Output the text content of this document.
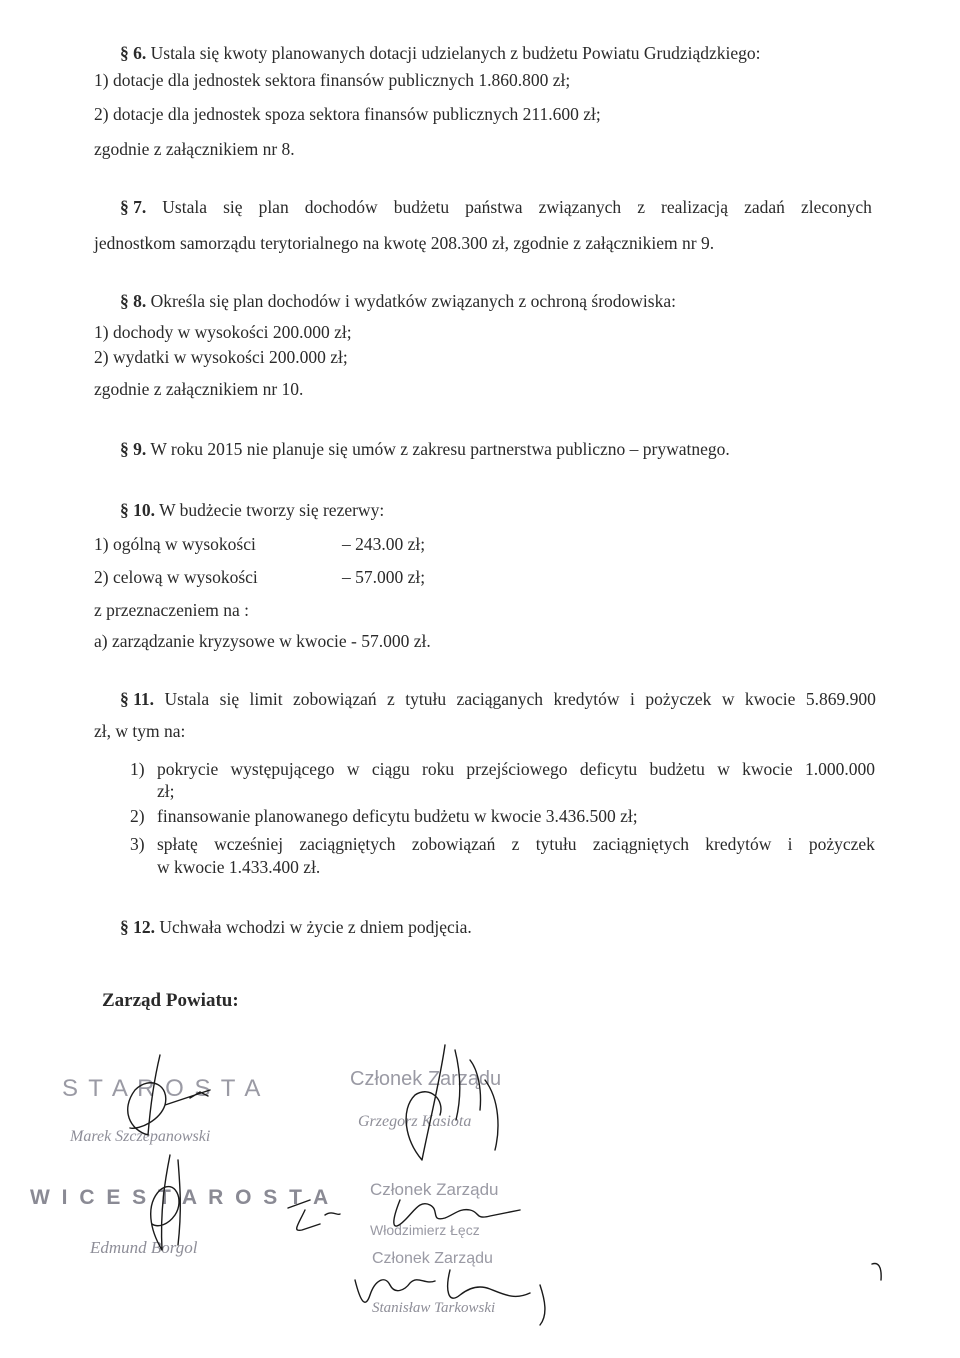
§ 6. Ustala się kwoty planowanych dotacji udzielanych z budżetu Powiatu Grudziądzkiego:
1) dotacje dla jednostek sektora finansów publicznych 1.860.800 zł;
2) dotacje dla jednostek spoza sektora finansów publicznych 211.600 zł;
zgodnie z załącznikiem nr 8.
§ 7. Ustala się plan dochodów budżetu państwa związanych z realizacją zadań zleconych
jednostkom samorządu terytorialnego na kwotę 208.300 zł, zgodnie z załącznikiem nr 9.
§ 8. Określa się plan dochodów i wydatków związanych z ochroną środowiska:
1) dochody w wysokości 200.000 zł;
2) wydatki w wysokości 200.000 zł;
zgodnie z załącznikiem nr 10.
§ 9. W roku 2015 nie planuje się umów z zakresu partnerstwa publiczno – prywatnego.
§ 10. W budżecie tworzy się rezerwy:
1) ogólną w wysokości	– 243.00 zł;
2) celową w wysokości	– 57.000 zł;
z przeznaczeniem na :
a) zarządzanie kryzysowe w kwocie - 57.000 zł.
§ 11. Ustala się limit zobowiązań z tytułu zaciąganych kredytów i pożyczek w kwocie 5.869.900
zł, w tym na:
1) pokrycie występującego w ciągu roku przejściowego deficytu budżetu w kwocie 1.000.000
zł;
2) finansowanie planowanego deficytu budżetu w kwocie 3.436.500 zł;
3) spłatę wcześniej zaciągniętych zobowiązań z tytułu zaciągniętych kredytów i pożyczek
w kwocie 1.433.400 zł.
§ 12. Uchwała wchodzi w życie z dniem podjęcia.
Zarząd Powiatu:
S T A R O S T A
Marek Szczepanowski
W I C E S T A R O S T A
Edmund Borgol
Członek Zarządu
Grzegorz Kasiota
Członek Zarządu
Włodzimierz Łęcz
Członek Zarządu
Stanisław Tarkowski
